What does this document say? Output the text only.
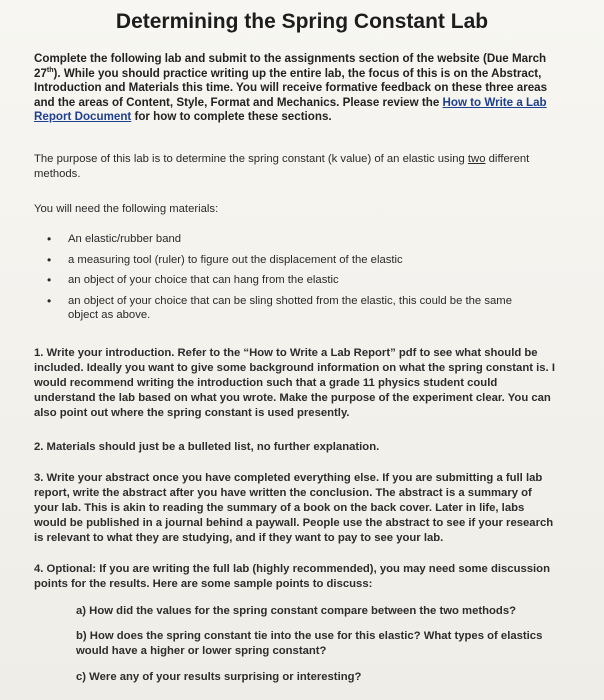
Determining the Spring Constant Lab
Complete the following lab and submit to the assignments section of the website (Due March 27th). While you should practice writing up the entire lab, the focus of this is on the Abstract, Introduction and Materials this time. You will receive formative feedback on these three areas and the areas of Content, Style, Format and Mechanics. Please review the How to Write a Lab Report Document for how to complete these sections.
The purpose of this lab is to determine the spring constant (k value) of an elastic using two different methods.
You will need the following materials:
• An elastic/rubber band
• a measuring tool (ruler) to figure out the displacement of the elastic
• an object of your choice that can hang from the elastic
• an object of your choice that can be sling shotted from the elastic, this could be the same object as above.
1. Write your introduction. Refer to the “How to Write a Lab Report” pdf to see what should be included. Ideally you want to give some background information on what the spring constant is. I would recommend writing the introduction such that a grade 11 physics student could understand the lab based on what you wrote. Make the purpose of the experiment clear. You can also point out where the spring constant is used presently.
2. Materials should just be a bulleted list, no further explanation.
3. Write your abstract once you have completed everything else. If you are submitting a full lab report, write the abstract after you have written the conclusion. The abstract is a summary of your lab. This is akin to reading the summary of a book on the back cover. Later in life, labs would be published in a journal behind a paywall. People use the abstract to see if your research is relevant to what they are studying, and if they want to pay to see your lab.
4. Optional: If you are writing the full lab (highly recommended), you may need some discussion points for the results. Here are some sample points to discuss:
a) How did the values for the spring constant compare between the two methods?
b) How does the spring constant tie into the use for this elastic? What types of elastics would have a higher or lower spring constant?
c) Were any of your results surprising or interesting?
